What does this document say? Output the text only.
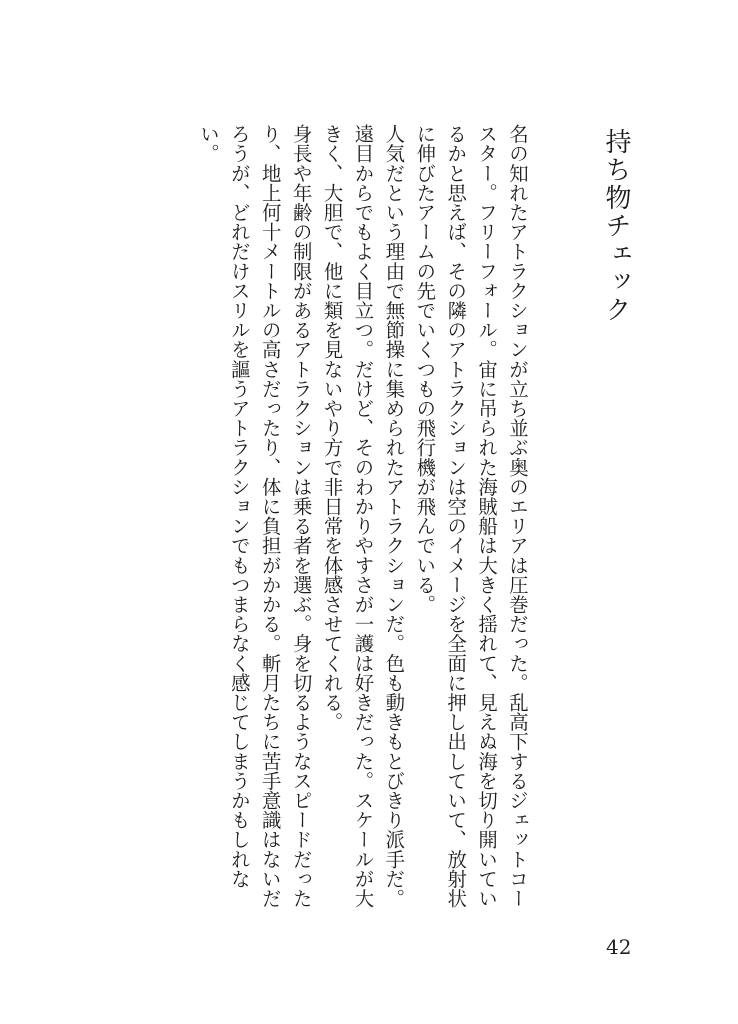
持ち物チェック

名の知れたアトラクションが立ち並ぶ奥のエリアは圧巻だった。乱高下するジェットコースター。フリーフォール。宙に吊られた海賊船は大きく揺れて、見えぬ海を切り開いているかと思えば、その隣のアトラクションは空のイメージを全面に押し出していて、放射状に伸びたアームの先でいくつもの飛行機が飛んでいる。

人気だという理由で無節操に集められたアトラクションだ。色も動きもとびきり派手だ。遠目からでもよく目立つ。だけど、そのわかりやすさが一護は好きだった。スケールが大きく、大胆で、他に類を見ないやり方で非日常を体感させてくれる。

身長や年齢の制限があるアトラクションは乗る者を選ぶ。身を切るようなスピードだったり、地上何十メートルの高さだったり、体に負担がかかる。斬月たちに苦手意識はないだろうが、どれだけスリルを謳うアトラクションでもつまらなく感じてしまうかもしれない。

42
